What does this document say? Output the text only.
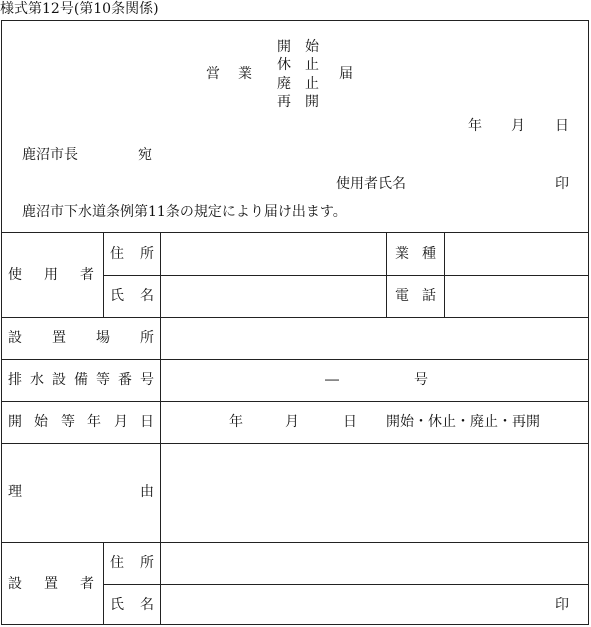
様式第12号(第10条関係)
営　業
開　始
休　止
廃　止
再　開
届
年 月 日
鹿沼市長	宛
使用者氏名	印
鹿沼市下水道条例第11条の規定により届け出ます。
使 用 者
住 所	業 種
氏 名	電 話
設 置 場 所
排 水 設 備 等 番 号	―	号
開 始 等 年 月 日	年	月	日 開始・休止・廃止・再開
理	由
設 置 者
住 所
氏 名	印
